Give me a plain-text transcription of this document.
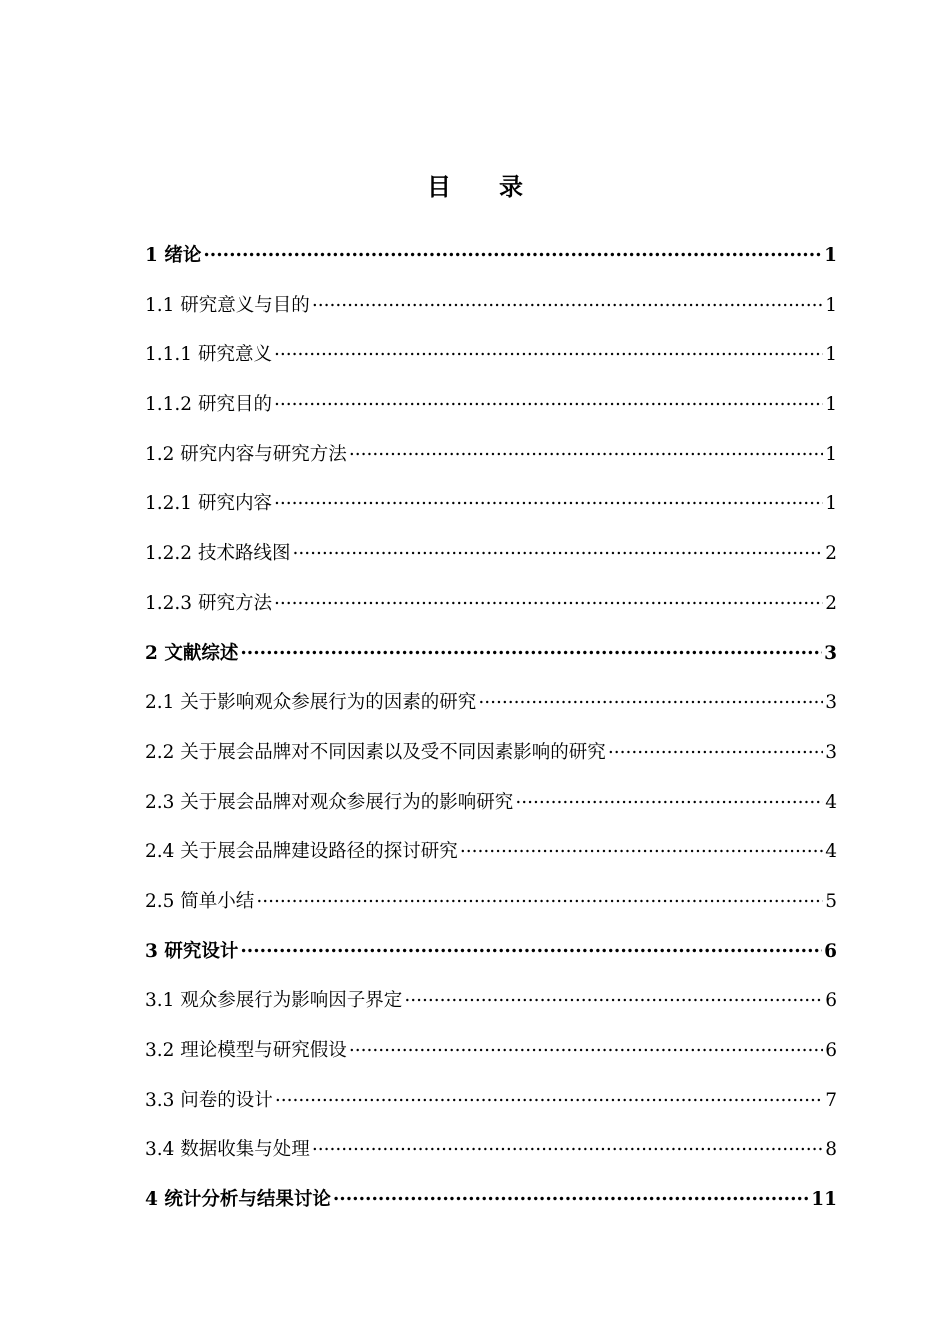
目 录
1 绪论 .....	1
1.1 研究意义与目的 .....	1
1.1.1 研究意义 .....	1
1.1.2 研究目的 .....	1
1.2 研究内容与研究方法 .....	1
1.2.1 研究内容 .....	1
1.2.2 技术路线图 .....	2
1.2.3 研究方法 .....	2
2 文献综述 .....	3
2.1 关于影响观众参展行为的因素的研究 .....	3
2.2 关于展会品牌对不同因素以及受不同因素影响的研究 .....	3
2.3 关于展会品牌对观众参展行为的影响研究 .....	4
2.4 关于展会品牌建设路径的探讨研究 .....	4
2.5 简单小结 .....	5
3 研究设计 .....	6
3.1 观众参展行为影响因子界定 .....	6
3.2 理论模型与研究假设 .....	6
3.3 问卷的设计 .....	7
3.4 数据收集与处理 .....	8
4 统计分析与结果讨论 .....	11
